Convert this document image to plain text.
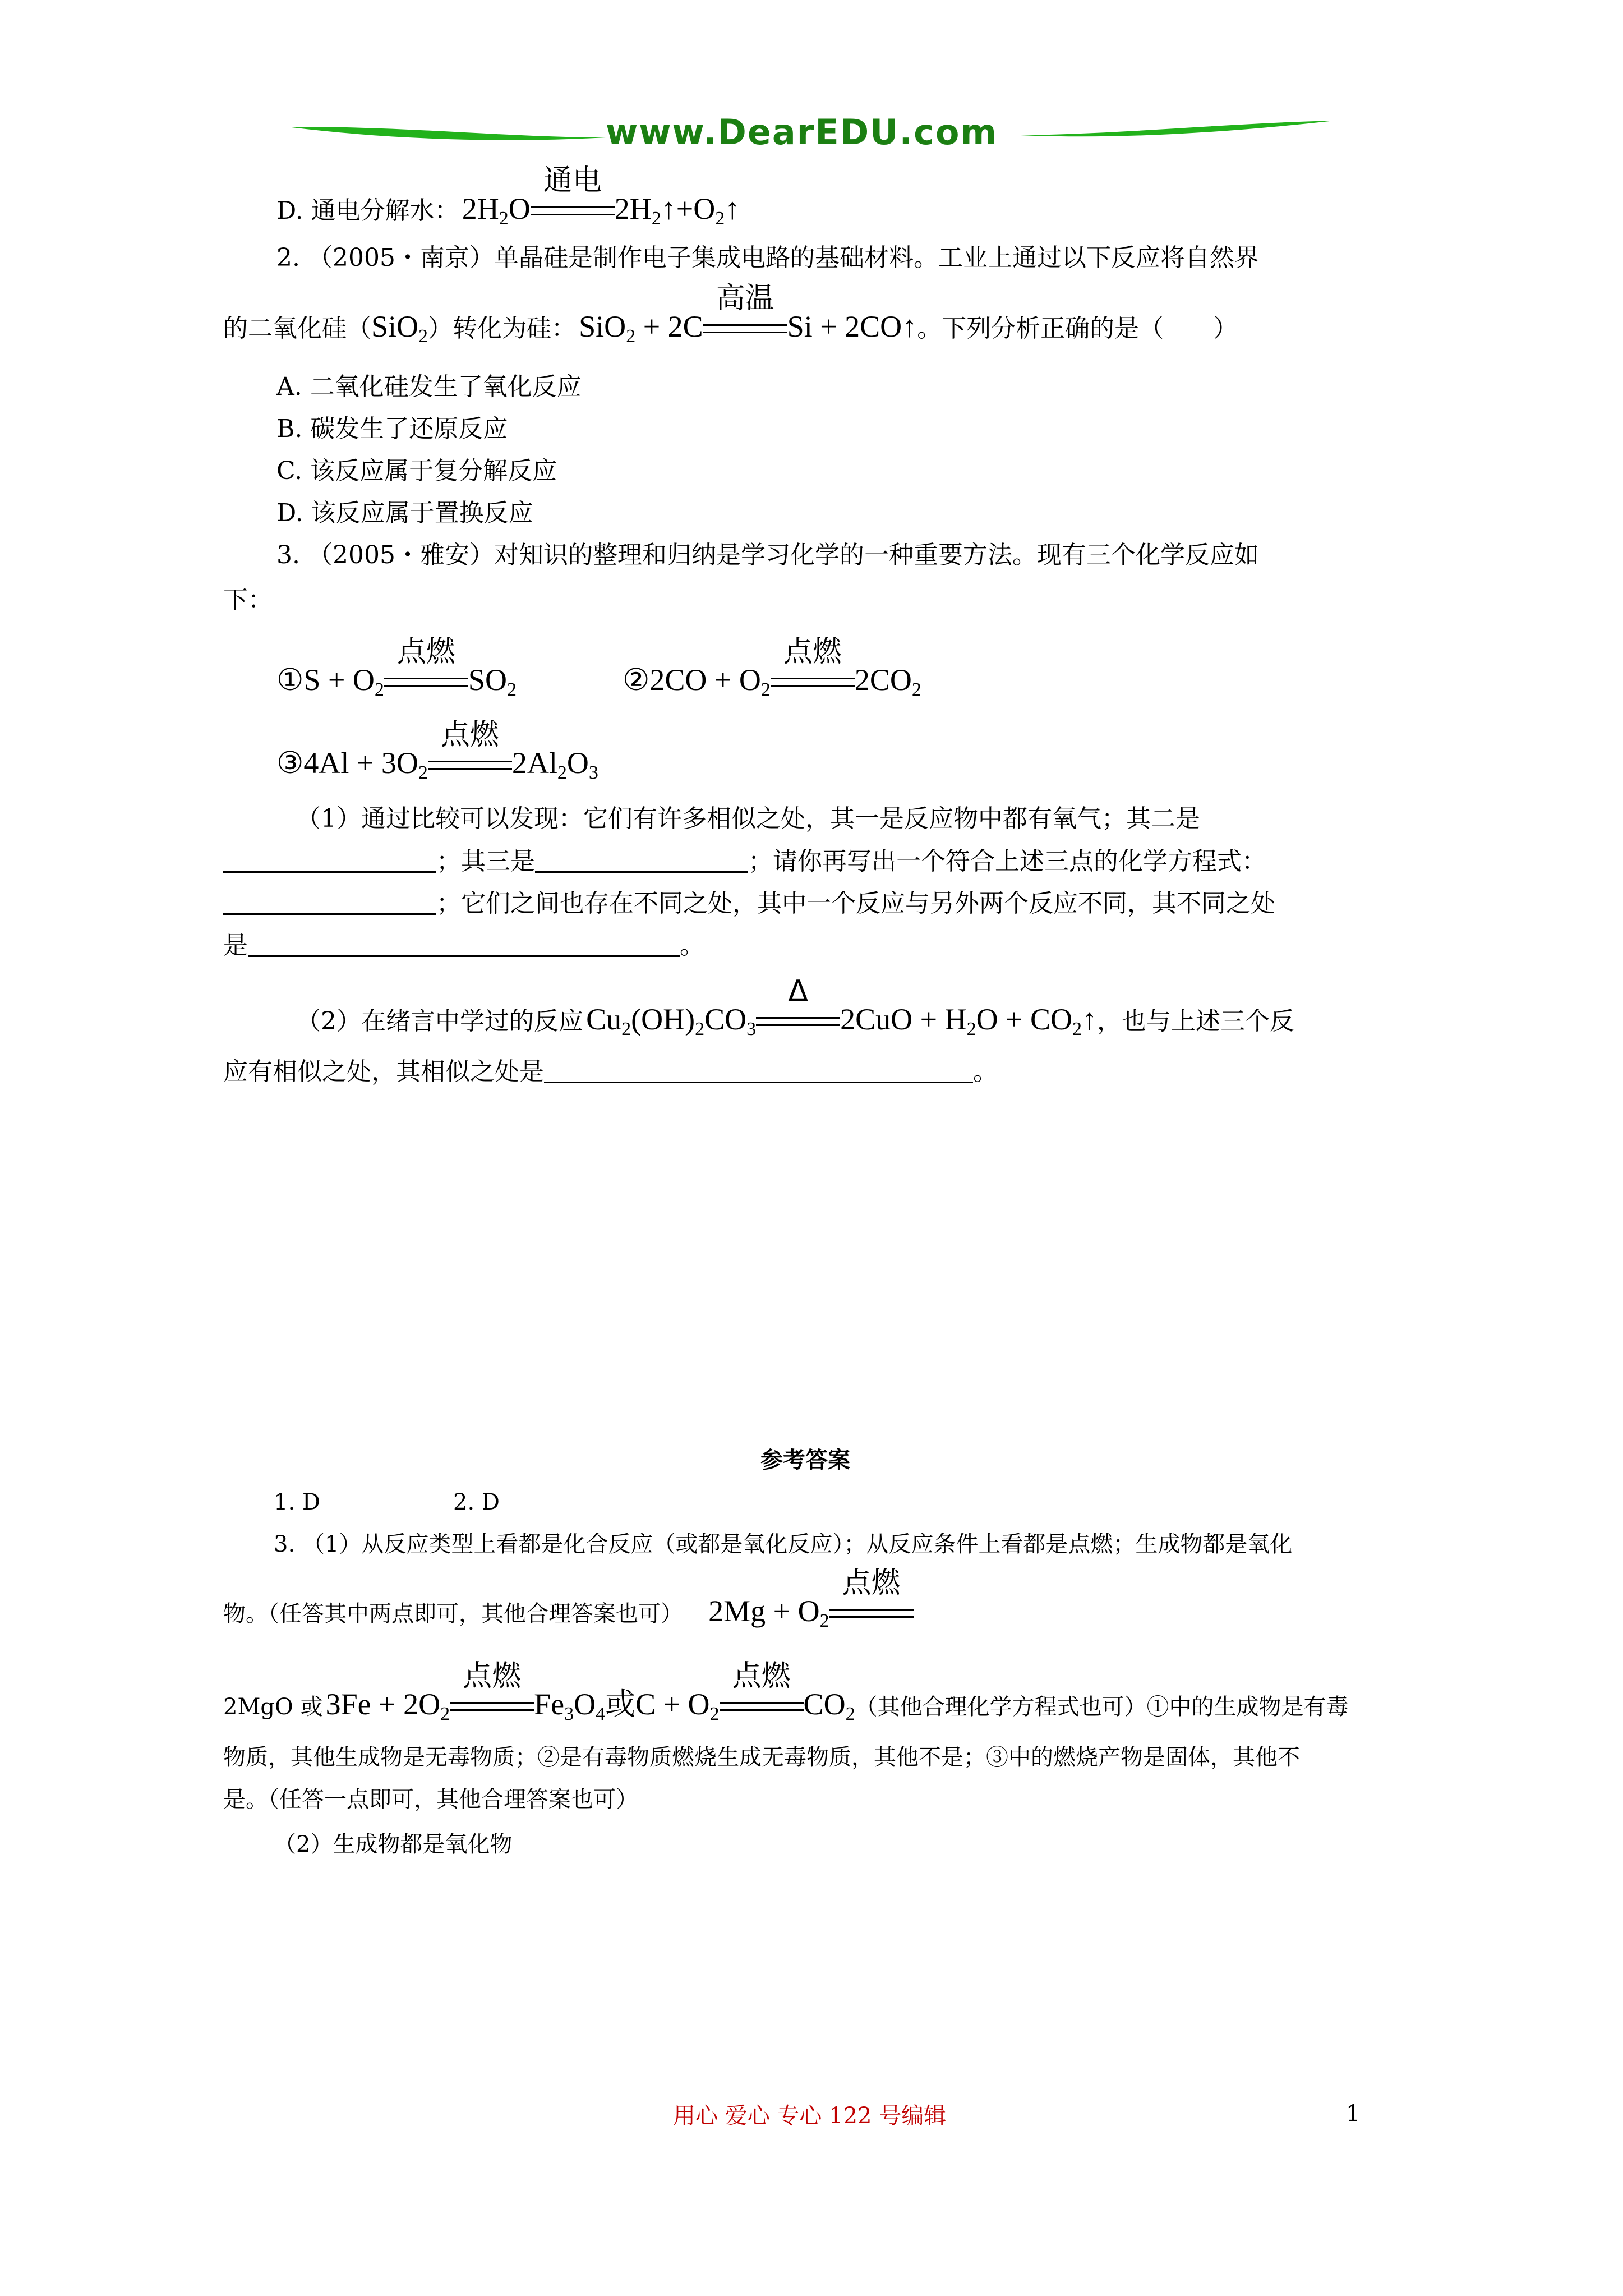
www.DearEDU.com
D. 通电分解水： $2H_2O$
通电
$2H_2↑+O_2↑$
2. （2005・南京）单晶硅是制作电子集成电路的基础材料。工业上通过以下反应将自然界
的二氧化硅（SiO$_2$）转化为硅： SiO$_2$ + 2C
高温
Si + 2CO↑。下列分析正确的是（　　）
A. 二氧化硅发生了氧化反应
B. 碳发生了还原反应
C. 该反应属于复分解反应
D. 该反应属于置换反应
3. （2005・雅安）对知识的整理和归纳是学习化学的一种重要方法。现有三个化学反应如
下：
①S + $O_2$
点燃
$SO_2$	②2CO + $O_2$
点燃
$2CO_2$
③4Al + $3O_2$
点燃
$2Al_2O_3$
（1）通过比较可以发现：它们有许多相似之处，其一是反应物中都有氧气；其二是
；其三是	；请你再写出一个符合上述三点的化学方程式：
；它们之间也存在不同之处，其中一个反应与另外两个反应不同，其不同之处
是	。
（2）在绪言中学过的反应 $Cu_2(OH)_2CO_3$
Δ
$2CuO + H_2O$ + $CO_2↑$，也与上述三个反
应有相似之处，其相似之处是	。
参考答案
1. D	2. D
3. （1）从反应类型上看都是化合反应（或都是氧化反应）；从反应条件上看都是点燃；生成物都是氧化
物。（任答其中两点即可，其他合理答案也可） $2Mg + O_2$
点燃
2MgO 或 $3Fe + 2O_2$
点燃
$Fe_3O_4$或$C + O_2$
点燃
$CO_2$（其他合理化学方程式也可）①中的生成物是有毒
物质，其他生成物是无毒物质；②是有毒物质燃烧生成无毒物质，其他不是；③中的燃烧产物是固体，其他不
是。（任答一点即可，其他合理答案也可）
（2）生成物都是氧化物
用心 爱心 专心 122 号编辑	1
